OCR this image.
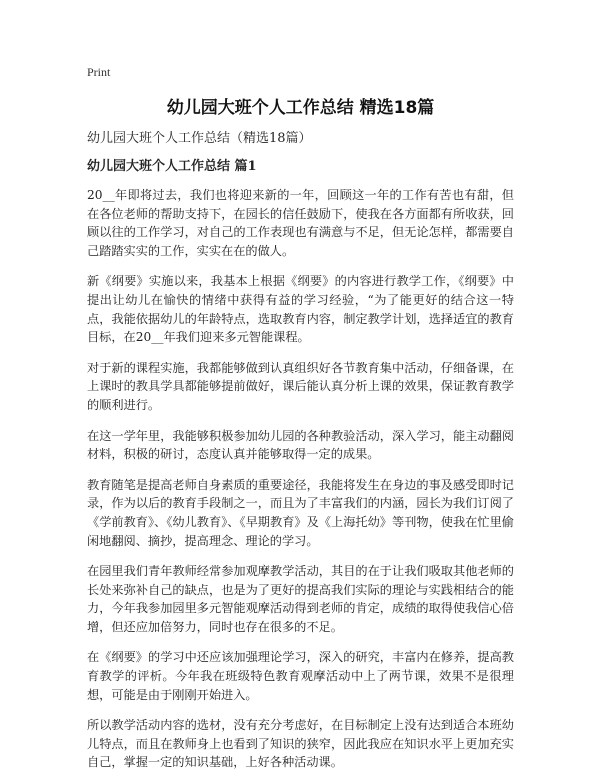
Print
幼儿园大班个人工作总结 精选18篇

幼儿园大班个人工作总结（精选18篇）

幼儿园大班个人工作总结 篇1

20__年即将过去，我们也将迎来新的一年，回顾这一年的工作有苦也有甜，但在各位老师的帮助支持下，在园长的信任鼓励下，使我在各方面都有所收获，回顾以往的工作学习，对自己的工作表现也有满意与不足，但无论怎样，都需要自己踏踏实实的工作，实实在在的做人。

新《纲要》实施以来，我基本上根据《纲要》的内容进行教学工作，《纲要》中提出让幼儿在愉快的情绪中获得有益的学习经验，“为了能更好的结合这一特点，我能依据幼儿的年龄特点，选取教育内容，制定教学计划，选择适宜的教育目标，在20__年我们迎来多元智能课程。

对于新的课程实施，我都能够做到认真组织好各节教育集中活动，仔细备课，在上课时的教具学具都能够提前做好，课后能认真分析上课的效果，保证教育教学的顺利进行。

在这一学年里，我能够积极参加幼儿园的各种教验活动，深入学习，能主动翻阅材料，积极的研讨，态度认真并能够取得一定的成果。

教育随笔是提高老师自身素质的重要途径，我能将发生在身边的事及感受即时记录，作为以后的教育手段制之一，而且为了丰富我们的内涵，园长为我们订阅了《学前教育》、《幼儿教育》、《早期教育》及《上海托幼》等刊物，使我在忙里偷闲地翻阅、摘抄，提高理念、理论的学习。

在园里我们青年教师经常参加观摩教学活动，其目的在于让我们吸取其他老师的长处来弥补自己的缺点，也是为了更好的提高我们实际的理论与实践相结合的能力，今年我参加园里多元智能观摩活动得到老师的肯定，成绩的取得使我信心倍增，但还应加倍努力，同时也存在很多的不足。

在《纲要》的学习中还应该加强理论学习，深入的研究，丰富内在修养，提高教育教学的评析。今年我在班级特色教育观摩活动中上了两节课，效果不是很理想，可能是由于刚刚开始进入。

所以教学活动内容的选材，没有充分考虑好，在目标制定上没有达到适合本班幼儿特点，而且在教师身上也看到了知识的狭窄，因此我应在知识水平上更加充实自己，掌握一定的知识基础，上好各种活动课。
